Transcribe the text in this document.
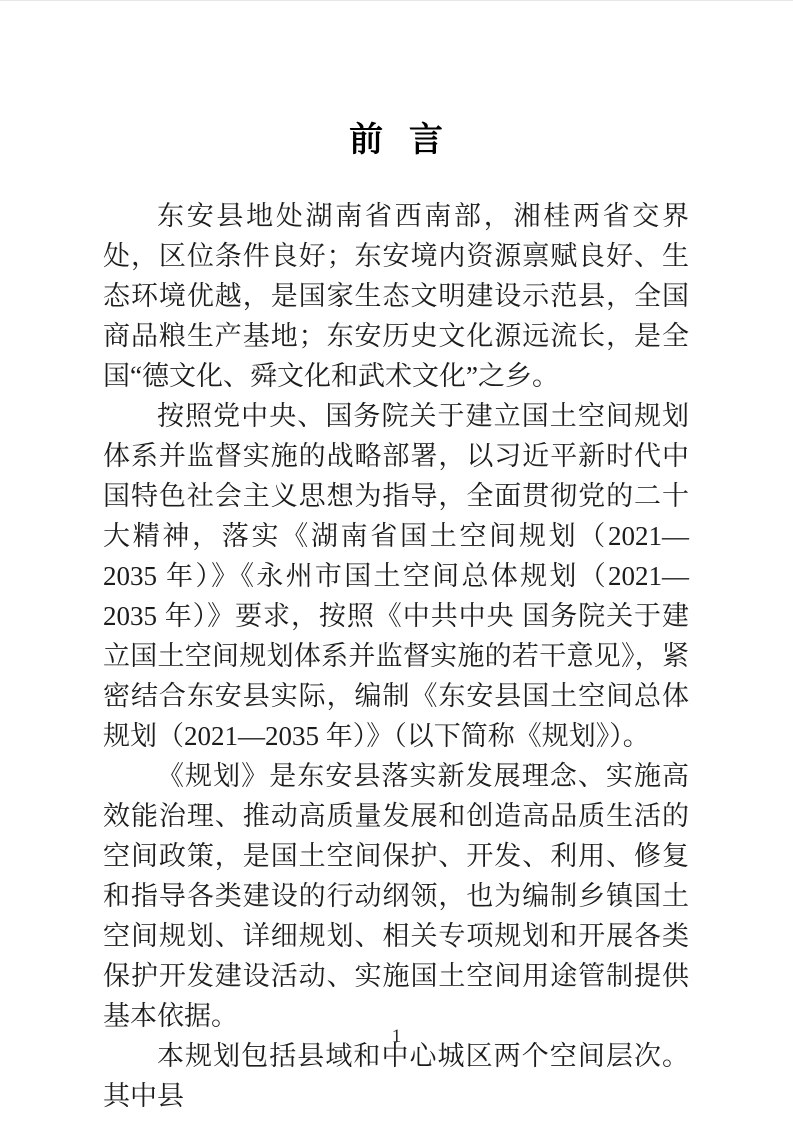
前 言

东安县地处湖南省西南部，湘桂两省交界处，区位条件良好；东安境内资源禀赋良好、生态环境优越，是国家生态文明建设示范县，全国商品粮生产基地；东安历史文化源远流长，是全国“德文化、舜文化和武术文化”之乡。

按照党中央、国务院关于建立国土空间规划体系并监督实施的战略部署，以习近平新时代中国特色社会主义思想为指导，全面贯彻党的二十大精神，落实《湖南省国土空间规划（2021—2035 年）》《永州市国土空间总体规划（2021—2035 年）》要求，按照《中共中央 国务院关于建立国土空间规划体系并监督实施的若干意见》，紧密结合东安县实际，编制《东安县国土空间总体规划（2021—2035 年）》（以下简称《规划》）。

《规划》是东安县落实新发展理念、实施高效能治理、推动高质量发展和创造高品质生活的空间政策，是国土空间保护、开发、利用、修复和指导各类建设的行动纲领，也为编制乡镇国土空间规划、详细规划、相关专项规划和开展各类保护开发建设活动、实施国土空间用途管制提供基本依据。

本规划包括县域和中心城区两个空间层次。其中县

1
